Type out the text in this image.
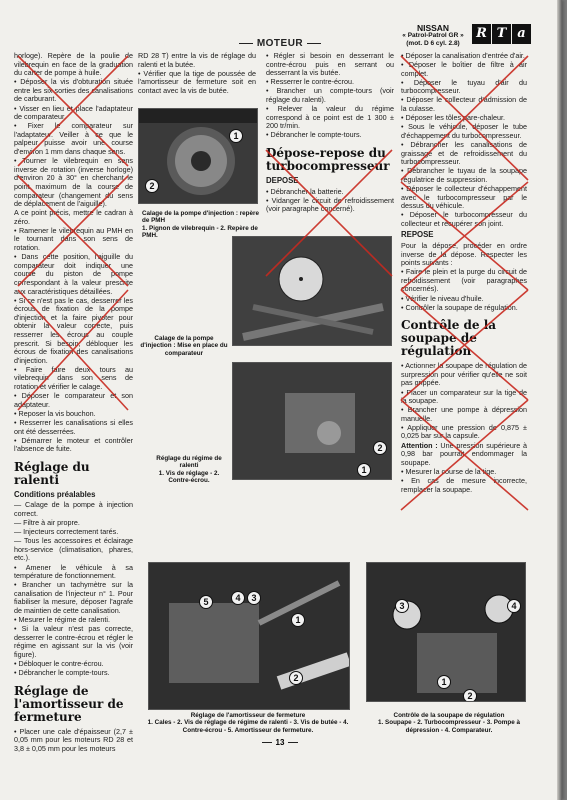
MOTEUR
NISSAN
« Patrol-Patrol GR »
(mot. D 6 cyl. 2.8)
R T a

horloge). Repère de la poulie de vilebrequin en face de la graduation du carter de pompe à huile.

• Déposer la vis d'obturation située entre les six sorties des canalisations de carburant.

• Visser en lieu et place l'adaptateur de comparateur.

• Fixer le comparateur sur l'adaptateur. Veiller à ce que le palpeur puisse avoir une course d'environ 1 mm dans chaque sens.

• Tourner le vilebrequin en sens inverse de rotation (inverse horloge) d'environ 20 à 30° en cherchant le point maximum de la course de comparateur (changement du sens de déplacement de l'aiguille).

A ce point précis, mettre le cadran à zéro.

• Ramener le vilebrequin au PMH en le tournant dans son sens de rotation.

• Dans cette position, l'aiguille du comparateur doit indiquer une course du piston de pompe correspondant à la valeur prescrite aux caractéristiques détaillées.

• Si ce n'est pas le cas, desserrer les écrous de fixation de la pompe d'injection et la faire pivoter pour obtenir la valeur correcte, puis resserrer les écrous au couple prescrit. Si besoin, débloquer les écrous de fixation des canalisations d'injection.

• Faire faire deux tours au vilebrequin dans son sens de rotation et vérifier le calage.

• Déposer le comparateur et son adaptateur.

• Reposer la vis bouchon.

• Resserrer les canalisations si elles ont été desserrées.

• Démarrer le moteur et contrôler l'absence de fuite.

Réglage du ralenti
Conditions préalables

— Calage de la pompe à injection correct.

— Filtre à air propre.

— Injecteurs correctement tarés.

— Tous les accessoires et éclairage hors-service (climatisation, phares, etc.).

• Amener le véhicule à sa température de fonctionnement.

• Brancher un tachymètre sur la canalisation de l'injecteur n° 1. Pour fiabiliser la mesure, déposer l'agrafe de maintien de cette canalisation.

• Mesurer le régime de ralenti.

• Si la valeur n'est pas correcte, desserrer le contre-écrou et régler le régime en agissant sur la vis (voir figure).

• Débloquer le contre-écrou.

• Débrancher le compte-tours.

Réglage de l'amortisseur de fermeture

• Placer une cale d'épaisseur (2,7 ± 0,05 mm pour les moteurs RD 28 et 3,8 ± 0,05 mm pour les moteurs

RD 28 T) entre la vis de réglage du ralenti et la butée.

• Vérifier que la tige de poussée de l'amortisseur de fermeture soit en contact avec la vis de butée.

• Régler si besoin en desserrant le contre-écrou puis en serrant ou desserrant la vis butée.

• Resserrer le contre-écrou.

• Brancher un compte-tours (voir réglage du ralenti).

• Relever la valeur du régime correspond à ce point est de 1 300 ± 200 tr/min.

• Débrancher le compte-tours.

Dépose-repose du turbocompresseur
DEPOSE

• Débrancher la batterie.

• Vidanger le circuit de refroidissement (voir paragraphe concerné).

• Déposer la canalisation d'entrée d'air.

• Déposer le boîtier de filtre à air complet.

• Déposer le tuyau d'air du turbocompresseur.

• Déposer le collecteur d'admission de la culasse.

• Déposer les tôles pare-chaleur.

• Sous le véhicule, déposer le tube d'échappement du turbocompresseur.

• Débrancher les canalisations de graissage et de refroidissement du turbocompresseur.

• Débrancher le tuyau de la soupape régulatrice de suppression.

• Déposer le collecteur d'échappement avec le turbocompresseur par le dessus du véhicule.

• Déposer le turbocompresseur du collecteur et récupérer son joint.

REPOSE

Pour la dépose, procéder en ordre inverse de la dépose. Respecter les points suivants :

• Faire le plein et la purge du circuit de refroidissement (voir paragraphes concernés).

• Vérifier le niveau d'huile.

• Contrôler la soupape de régulation.

Contrôle de la soupape de régulation

• Actionner la soupape de régulation de surpression pour vérifier qu'elle ne soit pas grippée.

• Placer un comparateur sur la tige de la soupape.

• Brancher une pompe à dépression manuelle.

• Appliquer une pression de 0,875 ± 0,025 bar sur la capsule.

Attention : Une pression supérieure à 0,98 bar pourrait endommager la soupape.

• Mesurer la course de la tige.

• En cas de mesure incorrecte, remplacer la soupape.

1
2
Calage de la pompe d'injection : repère de PMH
1. Pignon de vilebrequin - 2. Repère de PMH.
Calage de la pompe d'injection : Mise en place du comparateur
2
1
Réglage du régime de ralenti
1. Vis de réglage - 2. Contre-écrou.
5	4	3
1
2
Réglage de l'amortisseur de fermeture
1. Cales - 2. Vis de réglage de régime de ralenti - 3. Vis de butée - 4. Contre-écrou - 5. Amortisseur de fermeture.
3	4
1
2
Contrôle de la soupape de régulation
1. Soupape - 2. Turbocompresseur - 3. Pompe à dépression - 4. Comparateur.
13
